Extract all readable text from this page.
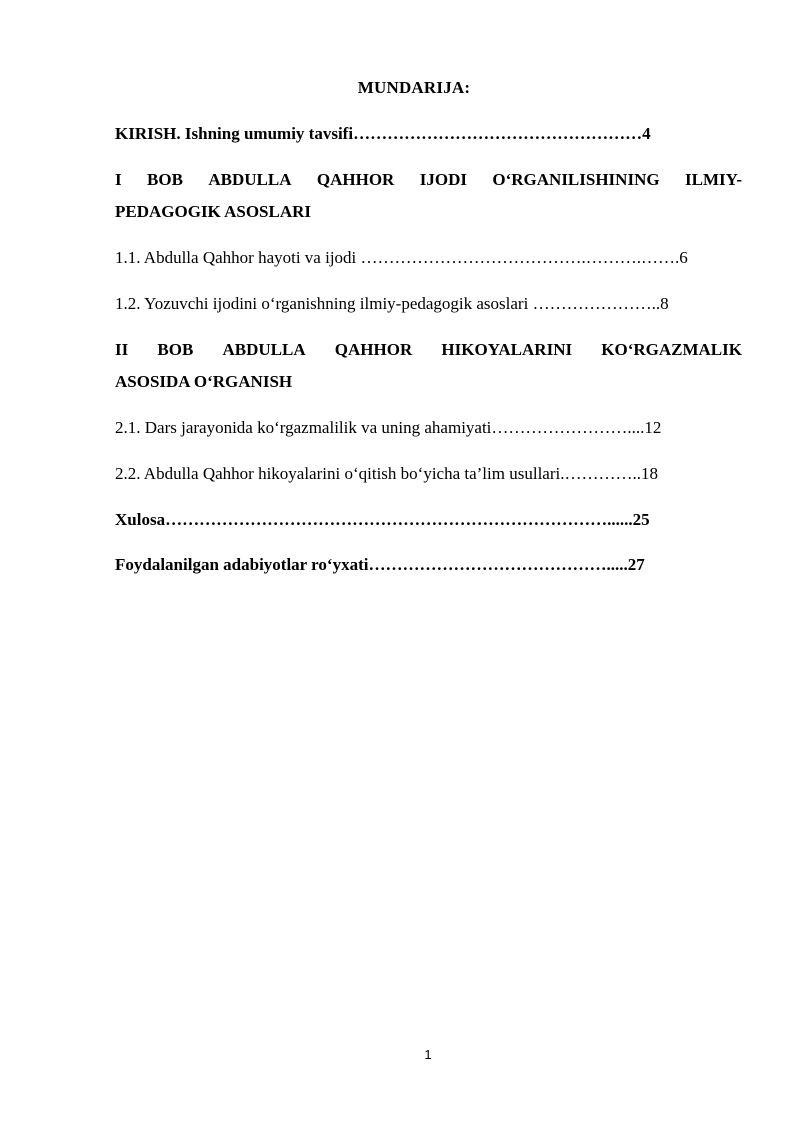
MUNDARIJA:
KIRISH. Ishning umumiy tavsifi……………………………………………4
I BOB ABDULLA QAHHOR IJODI O‘RGANILISHINING ILMIY-
PEDAGOGIK ASOSLARI
1.1. Abdulla Qahhor hayoti va ijodi ………………………………….……….…….6
1.2. Yozuvchi ijodini o‘rganishning ilmiy-pedagogik asoslari …………………..8
II BOB ABDULLA QAHHOR HIKOYALARINI KO‘RGAZMALIK
ASOSIDA O‘RGANISH
2.1. Dars jarayonida ko‘rgazmalilik va uning ahamiyati……………………....12
2.2. Abdulla Qahhor hikoyalarini o‘qitish bo‘yicha ta’lim usullari.…………..18
Xulosa……………………………………………………………………......25
Foydalanilgan adabiyotlar ro‘yxati…………………………………….....27
1
